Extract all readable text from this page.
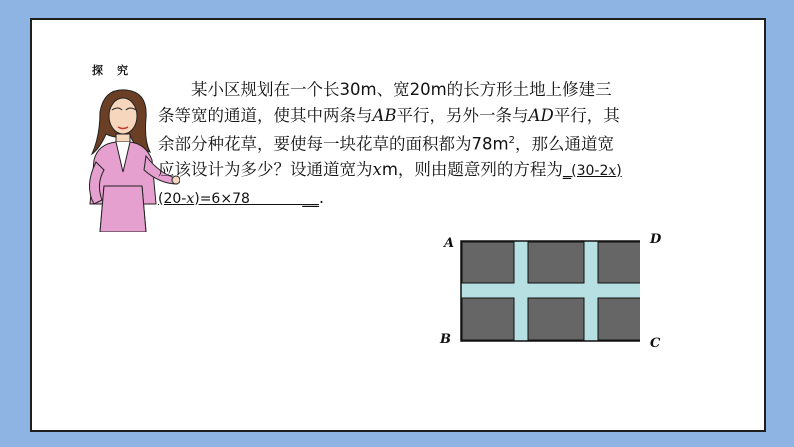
探究

　　某小区规划在一个长30m、宽20m的长方形土地上修建三条等宽的通道，使其中两条与AB平行，另外一条与AD平行，其余部分种花草，要使每一块花草的面积都为$78m^2$，那么通道宽应该设计为多少？设通道宽为xm，则由题意列的方程为_(30-2x) (20-x)=6×78	__.

A	D
B	C
